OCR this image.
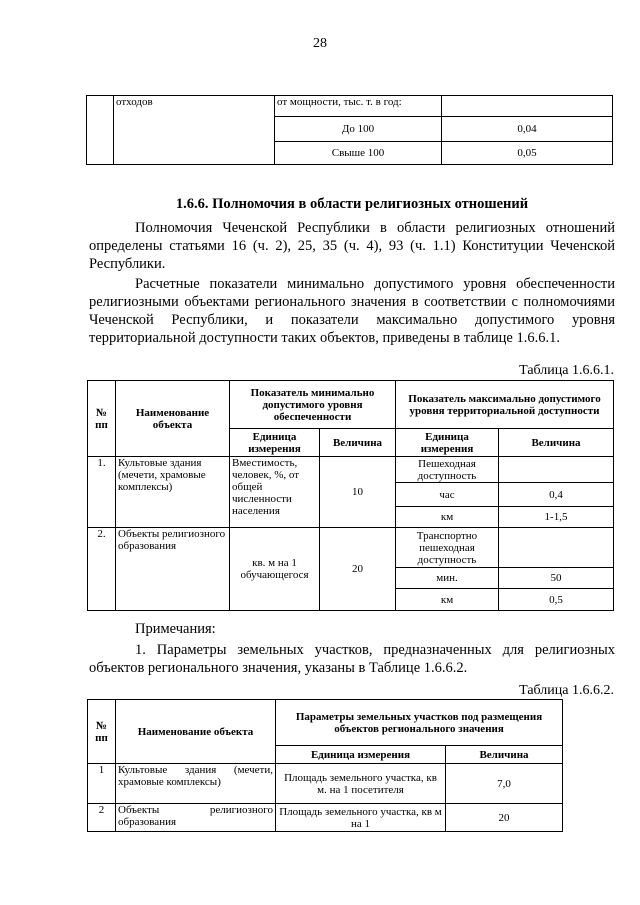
28
	отходов	от мощности, тыс. т. в год:	
		До 100	0,04
		Свыше 100	0,05
1.6.6. Полномочия в области религиозных отношений
Полномочия Чеченской Республики в области религиозных отношений определены статьями 16 (ч. 2), 25, 35 (ч. 4), 93 (ч. 1.1) Конституции Чеченской Республики.
Расчетные показатели минимально допустимого уровня обеспеченности религиозными объектами регионального значения в соответствии с полномочиями Чеченской Республики, и показатели максимально допустимого уровня территориальной доступности таких объектов, приведены в таблице 1.6.6.1.
Таблица 1.6.6.1.
№ пп	Наименование объекта	Показатель минимально допустимого уровня обеспеченности		Показатель максимально допустимого уровня территориальной доступности	
		Единица измерения	Величина	Единица измерения	Величина
1.	Культовые здания (мечети, храмовые комплексы)	Вместимость, человек, %, от общей численности населения	10	Пешеходная доступность	
				час	0,4
				км	1-1,5
2.	Объекты религиозного образования	кв. м на 1 обучающегося	20	Транспортно пешеходная доступность	
				мин.	50
				км	0,5
Примечания:
1. Параметры земельных участков, предназначенных для религиозных объектов регионального значения, указаны в Таблице 1.6.6.2.
Таблица 1.6.6.2.
№ пп	Наименование объекта	Параметры земельных участков под размещения объектов регионального значения	
		Единица измерения	Величина
1	Культовые здания (мечети, храмовые комплексы)	Площадь земельного участка, кв м. на 1 посетителя	7,0
2	Объекты религиозного образования	Площадь земельного участка, кв м на 1	20
